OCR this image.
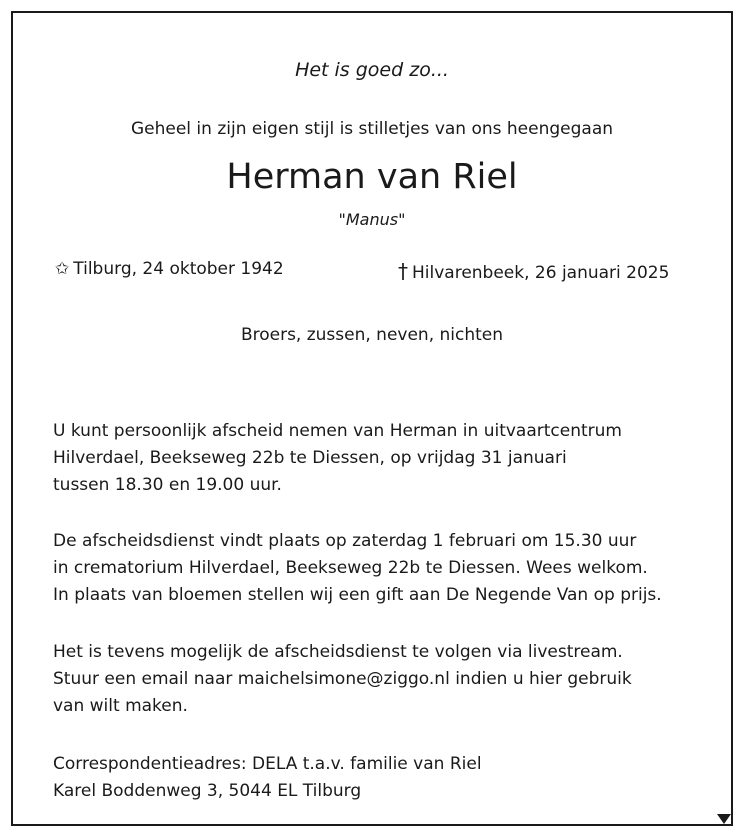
Het is goed zo...
Geheel in zijn eigen stijl is stilletjes van ons heengegaan
Herman van Riel
"Manus"
✩ Tilburg, 24 oktober 1942	† Hilvarenbeek, 26 januari 2025
Broers, zussen, neven, nichten
U kunt persoonlijk afscheid nemen van Herman in uitvaartcentrum
Hilverdael, Beekseweg 22b te Diessen, op vrijdag 31 januari
tussen 18.30 en 19.00 uur.
De afscheidsdienst vindt plaats op zaterdag 1 februari om 15.30 uur
in crematorium Hilverdael, Beekseweg 22b te Diessen. Wees welkom.
In plaats van bloemen stellen wij een gift aan De Negende Van op prijs.
Het is tevens mogelijk de afscheidsdienst te volgen via livestream.
Stuur een email naar maichelsimone@ziggo.nl indien u hier gebruik
van wilt maken.
Correspondentieadres: DELA t.a.v. familie van Riel
Karel Boddenweg 3, 5044 EL Tilburg
